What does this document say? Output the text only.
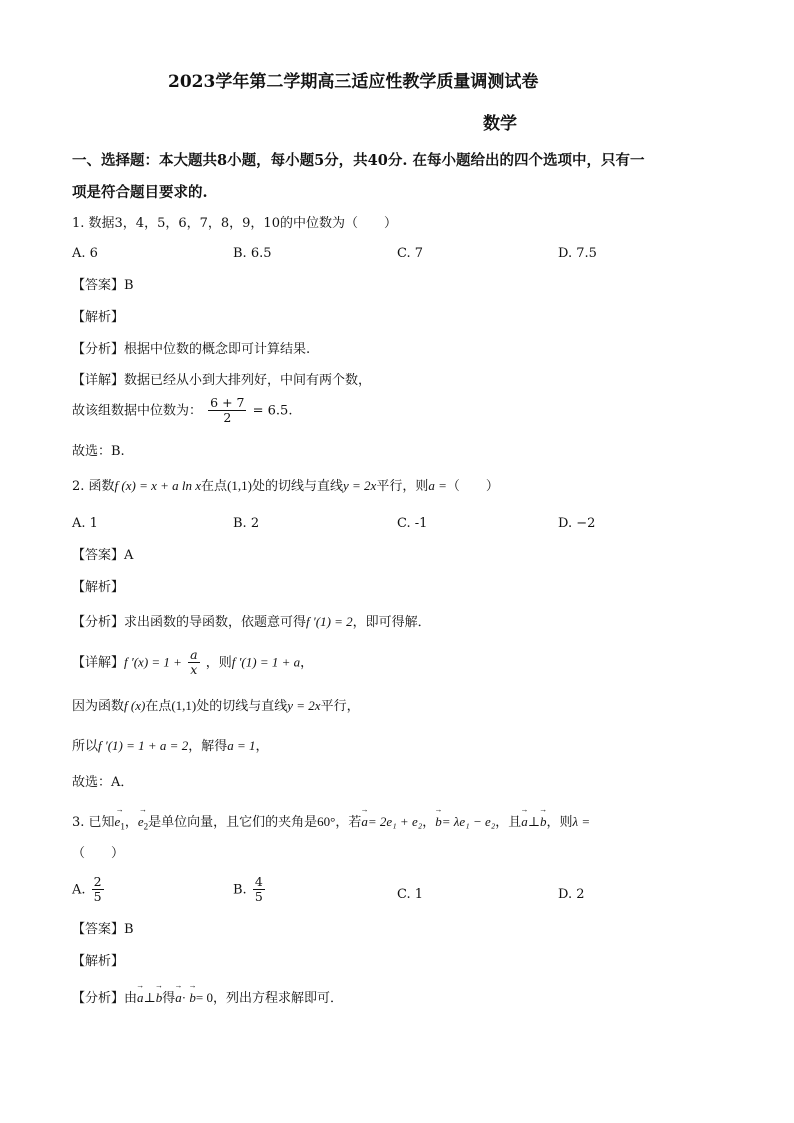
2023学年第二学期高三适应性教学质量调测试卷
数学
一、选择题：本大题共8小题，每小题5分，共40分. 在每小题给出的四个选项中，只有一
项是符合题目要求的.
1. 数据3，4，5，6，7，8，9，10的中位数为（　　）
A. 6	B. 6.5	C. 7	D. 7.5
【答案】B
【解析】
【分析】根据中位数的概念即可计算结果.
【详解】数据已经从小到大排列好，中间有两个数，
故该组数据中位数为： $\frac{6 + 7}{2} = 6.5$.
故选：B.
2. 函数f (x) = x + a ln x在点(1,1)处的切线与直线y = 2x平行，则a =（　　）
A. 1	B. 2	C. -1	D. −2
【答案】A
【解析】
【分析】求出函数的导函数，依题意可得f ′(1) = 2，即可得解．
【详解】f $'(x) = 1 + \frac{a}{x}$ ，则f ′(1) = 1 + a，
因为函数f (x)在点(1,1)处的切线与直线y = 2x平行，
所以f ′(1) = 1 + a = 2，解得a = 1，
故选：A．
3. 已知→ $e_1$，→ $e_2$是单位向量，且它们的夹角是60°，若→ a= 2e₁ + e₂，→ b= λe₁ − e₂，且→ a⊥→ b，则λ =
（　　）
A. $\frac{2}{5}$	B. $\frac{4}{5}$	C. 1	D. 2
【答案】B
【解析】
【分析】由→ a⊥→ b得→ a· → b= 0，列出方程求解即可．
